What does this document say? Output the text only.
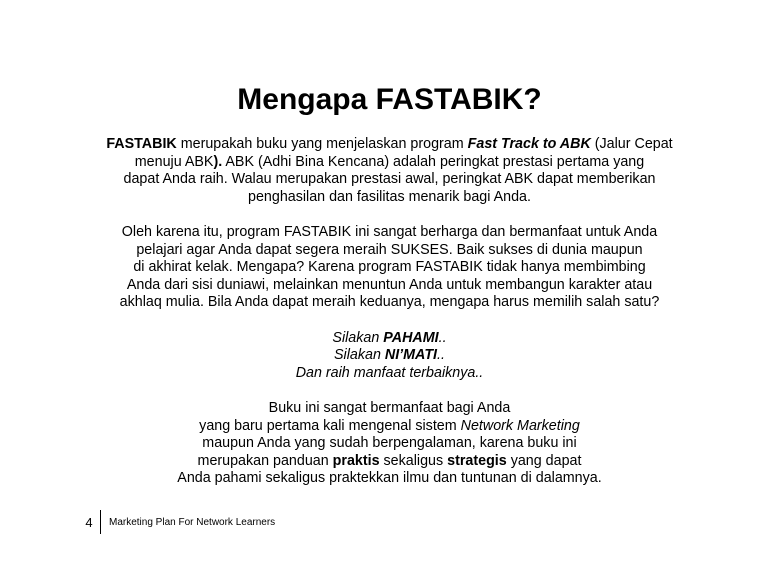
Mengapa FASTABIK?

FASTABIK merupakah buku yang menjelaskan program Fast Track to ABK (Jalur Cepat
menuju ABK). ABK (Adhi Bina Kencana) adalah peringkat prestasi pertama yang
dapat Anda raih. Walau merupakan prestasi awal, peringkat ABK dapat memberikan
penghasilan dan fasilitas menarik bagi Anda.

Oleh karena itu, program FASTABIK ini sangat berharga dan bermanfaat untuk Anda
pelajari agar Anda dapat segera meraih SUKSES. Baik sukses di dunia maupun
di akhirat kelak. Mengapa? Karena program FASTABIK tidak hanya membimbing
Anda dari sisi duniawi, melainkan menuntun Anda untuk membangun karakter atau
akhlaq mulia. Bila Anda dapat meraih keduanya, mengapa harus memilih salah satu?

Silakan PAHAMI..
Silakan NI’MATI..
Dan raih manfaat terbaiknya..

Buku ini sangat bermanfaat bagi Anda
yang baru pertama kali mengenal sistem Network Marketing
maupun Anda yang sudah berpengalaman, karena buku ini
merupakan panduan praktis sekaligus strategis yang dapat
Anda pahami sekaligus praktekkan ilmu dan tuntunan di dalamnya.

4	Marketing Plan For Network Learners
